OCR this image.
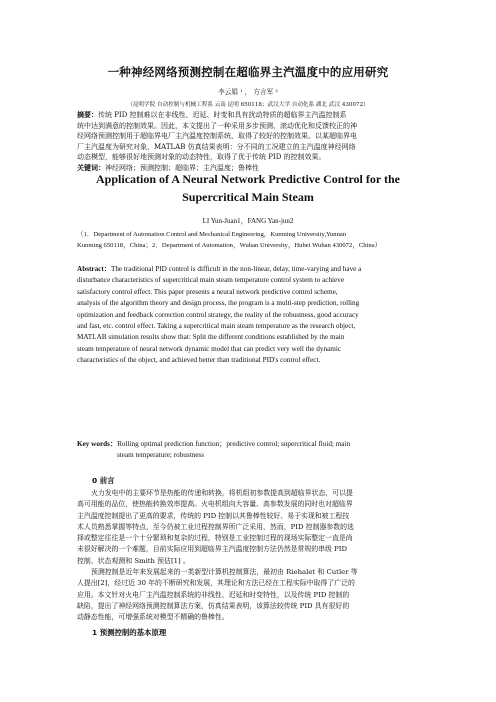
一种神经网络预测控制在超临界主汽温度中的应用研究
李云娟 ¹ ， 方言军 ²
（昆明学院 自动控制与机械工程系 云南 昆明 650118；武汉大学 自动化系 湖北 武汉 430072）
摘要：传统 PID 控制难以在非线性、迟延、时变和具有扰动特质的超临界主汽温控制系
统中达到满意的控制效果。因此，本文提出了一种采用多步预测、滚动优化和反馈校正的神
经网络预测控制用于超临界电厂主汽温度控制系统，取得了较好的控制效果。以某超临界电
厂主汽温度为研究对象，MATLAB 仿真结果表明：分不同的工况建立的主汽温度神经网络
动态模型，能够很好地预测对象的动态特性，取得了优于传统 PID 的控制效果。
关键词：神经网络；预测控制；超临界；主汽温度；鲁棒性
Application of A Neural Network Predictive Control for the
Supercritical Main Steam
LI Yun-Juan1，FANG Yan-jun2
（1．Department of Automation Control and Mechanical Engineering，Kunming University,Yunnan
Kunming 650118，China；2．Department of Automation，Wuhan University，Hubei Wuhan 430072，China）
Abstract：The traditional PID control is difficult in the non-linear, delay, time-varying and have a
disturbance characteristics of supercritical main steam temperature control system to achieve
satisfactory control effect. This paper presents a neural network predictive control scheme,
analysis of the algorithm theory and design process, the program is a multi-step prediction, rolling
optimization and feedback correction control strategy, the reality of the robustness, good accuracy
and fast, etc. control effect. Taking a supercritical main steam temperature as the research object,
MATLAB simulation results show that: Split the different conditions established by the main
steam temperature of neural network dynamic model that can predict very well the dynamic
characteristics of the object, and achieved better than traditional PID's control effect.
Key words：Rolling optimal prediction function；predictive control; supercritical fluid; main
steam temperature; robustness
0 前言
火力发电中的主要环节是热能的传递和转换，将机组初参数提高到超临界状态，可以提
高可用能的品位，使热能转换效率提高。火电机组向大容量、高参数发展的同时也对超临界
主汽温度控制提出了更高的要求，传统的 PID 控制以其鲁棒性较好、易于实现和被工程技
术人员熟悉掌握等特点，至今仍被工业过程控制界所广泛采用，然而，PID 控制器参数的选
择或整定往往是一个十分繁琐和复杂的过程，特别是工业控制过程的现场实际整定一直是尚
未很好解决的一个难题，目前实际应用到超临界主汽温度控制方法仍然是常规的串级 PID
控制、状态观测和 Smith 预估[1] 。
预测控制是近年来发展起来的一类新型计算机控制算法，最初由 Riehalet 和 Cutler 等
人提出[2]，经过近 30 年的不断研究和发展，其理论和方法已经在工程实际中取得了广泛的
应用。本文针对火电厂主汽温控制系统的非线性、迟延和时变特性，以及传统 PID 控制的
缺陷，提出了神经网络预测控制算法方案，仿真结果表明，该算法较传统 PID 具有很好的
动静态性能，可增强系统对模型不精确的鲁棒性。
1 预测控制的基本原理
